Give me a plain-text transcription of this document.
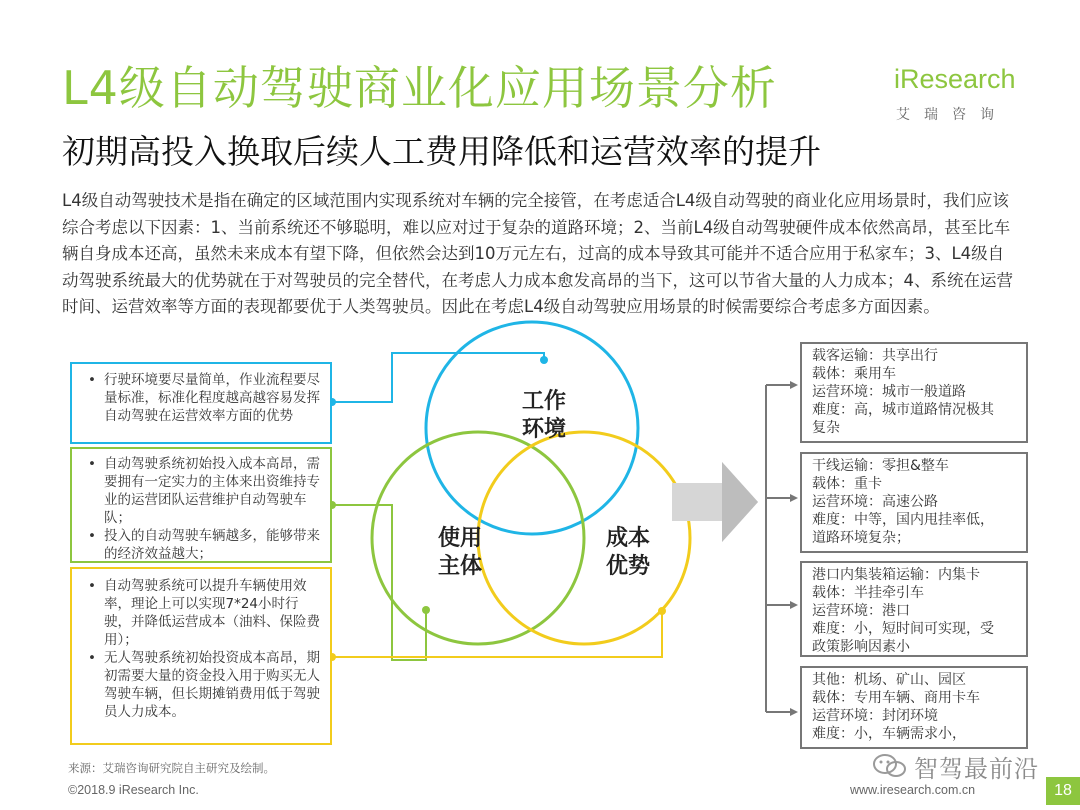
L4级自动驾驶商业化应用场景分析
初期高投入换取后续人工费用降低和运营效率的提升
iResearch
艾瑞咨询
L4级自动驾驶技术是指在确定的区域范围内实现系统对车辆的完全接管，在考虑适合L4级自动驾驶的商业化应用场景时，我们应该综合考虑以下因素：1、当前系统还不够聪明，难以应对过于复杂的道路环境；2、当前L4级自动驾驶硬件成本依然高昂，甚至比车辆自身成本还高，虽然未来成本有望下降，但依然会达到10万元左右，过高的成本导致其可能并不适合应用于私家车；3、L4级自动驾驶系统最大的优势就在于对驾驶员的完全替代，在考虑人力成本愈发高昂的当下，这可以节省大量的人力成本；4、系统在运营时间、运营效率等方面的表现都要优于人类驾驶员。因此在考虑L4级自动驾驶应用场景的时候需要综合考虑多方面因素。
工作
环境
使用
主体
成本
优势
• 行驶环境要尽量简单，作业流程要尽量标准，标准化程度越高越容易发挥自动驾驶在运营效率方面的优势
• 自动驾驶系统初始投入成本高昂，需要拥有一定实力的主体来出资维持专业的运营团队运营维护自动驾驶车队；
• 投入的自动驾驶车辆越多，能够带来的经济效益越大；
• 自动驾驶系统可以提升车辆使用效率，理论上可以实现7*24小时行驶，并降低运营成本（油料、保险费用）；
• 无人驾驶系统初始投资成本高昂，期初需要大量的资金投入用于购买无人驾驶车辆，但长期摊销费用低于驾驶员人力成本。
载客运输：共享出行
载体：乘用车
运营环境：城市一般道路
难度：高，城市道路情况极其
复杂
干线运输：零担&整车
载体：重卡
运营环境：高速公路
难度：中等，国内甩挂率低，
道路环境复杂；
港口内集装箱运输：内集卡
载体：半挂牵引车
运营环境：港口
难度：小，短时间可实现，受
政策影响因素小
其他：机场、矿山、园区
载体：专用车辆、商用卡车
运营环境：封闭环境
难度：小，车辆需求小，
来源：艾瑞咨询研究院自主研究及绘制。
©2018.9 iResearch Inc.	www.iresearch.com.cn	18
智驾最前沿
